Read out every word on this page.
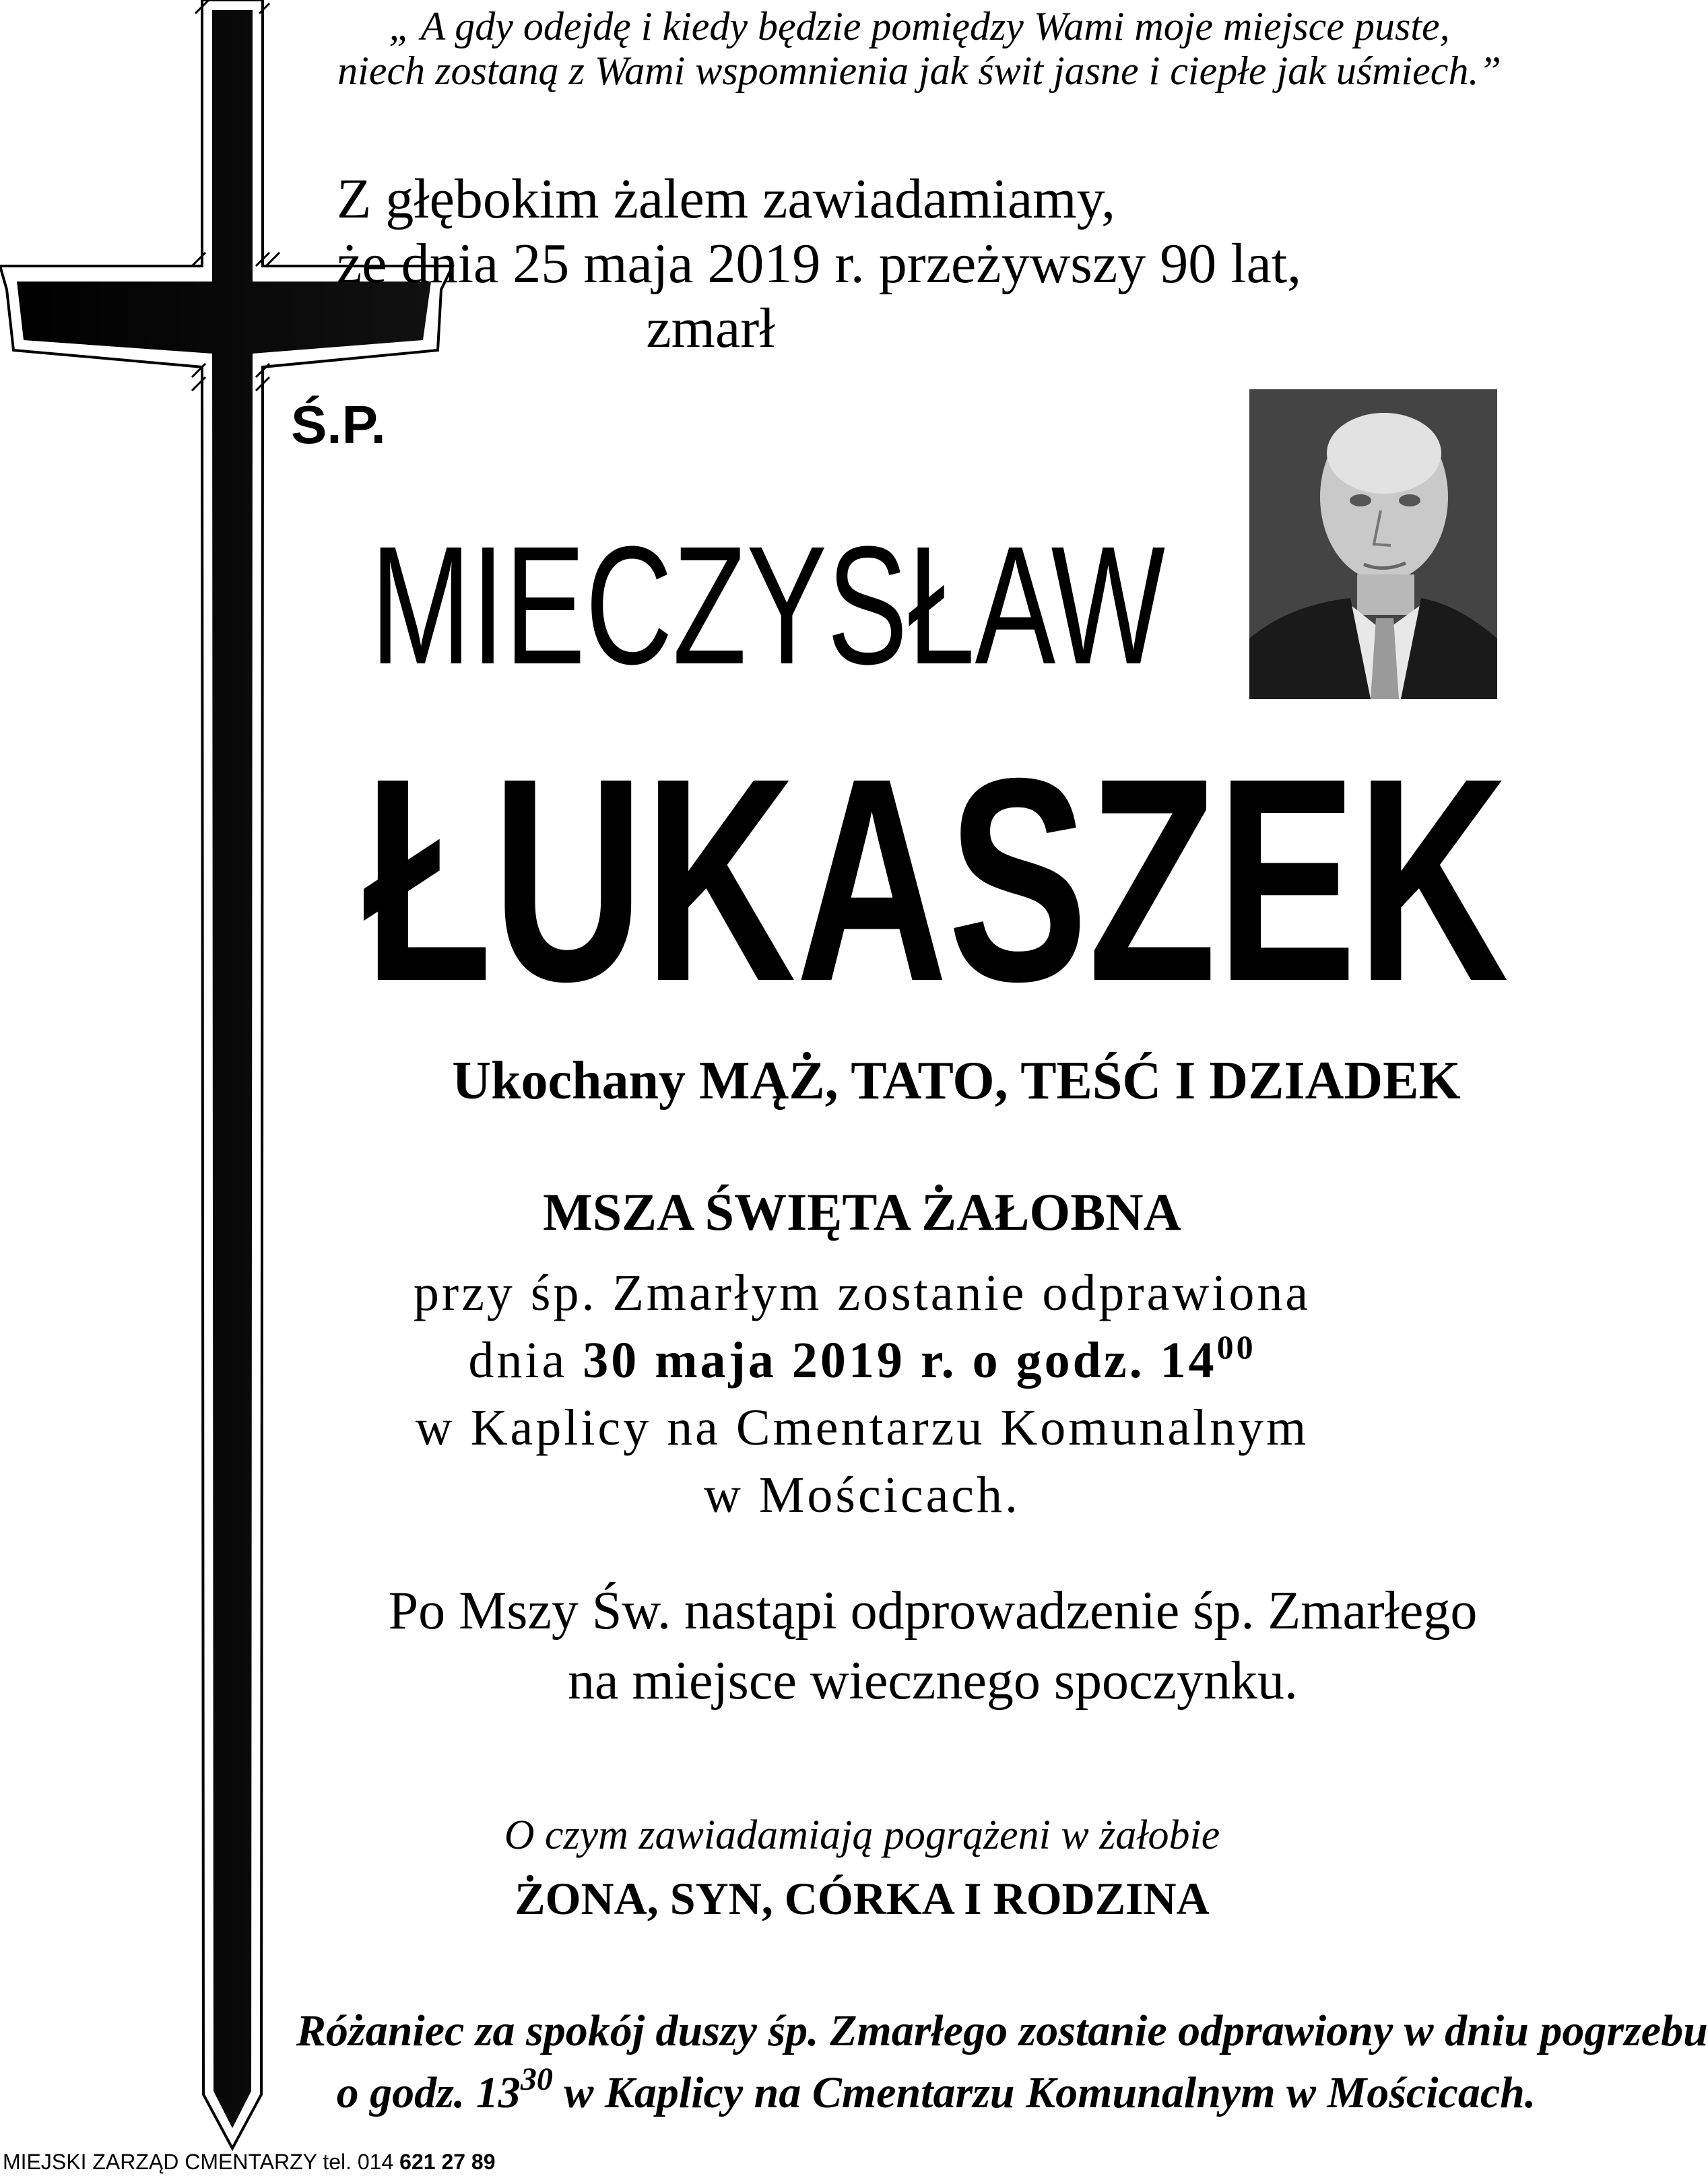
„ A gdy odejdę i kiedy będzie pomiędzy Wami moje miejsce puste,
niech zostaną z Wami wspomnienia jak świt jasne i ciepłe jak uśmiech.”
Z głębokim żalem zawiadamiamy,
że dnia 25 maja 2019 r. przeżywszy 90 lat,
zmarł
Ś.P.
MIECZYSŁAW
ŁUKASZEK
Ukochany MĄŻ, TATO, TEŚĆ I DZIADEK
MSZA ŚWIĘTA ŻAŁOBNA
przy śp. Zmarłym zostanie odprawiona
dnia 30 maja 2019 r. o godz. $14^{00}$
w Kaplicy na Cmentarzu Komunalnym
w Mościcach.
Po Mszy Św. nastąpi odprowadzenie śp. Zmarłego
na miejsce wiecznego spoczynku.
O czym zawiadamiają pogrążeni w żałobie
ŻONA, SYN, CÓRKA I RODZINA
Różaniec za spokój duszy śp. Zmarłego zostanie odprawiony w dniu pogrzebu
o godz. $13^{30}$ w Kaplicy na Cmentarzu Komunalnym w Mościcach.
MIEJSKI ZARZĄD CMENTARZY tel. 014 621 27 89
